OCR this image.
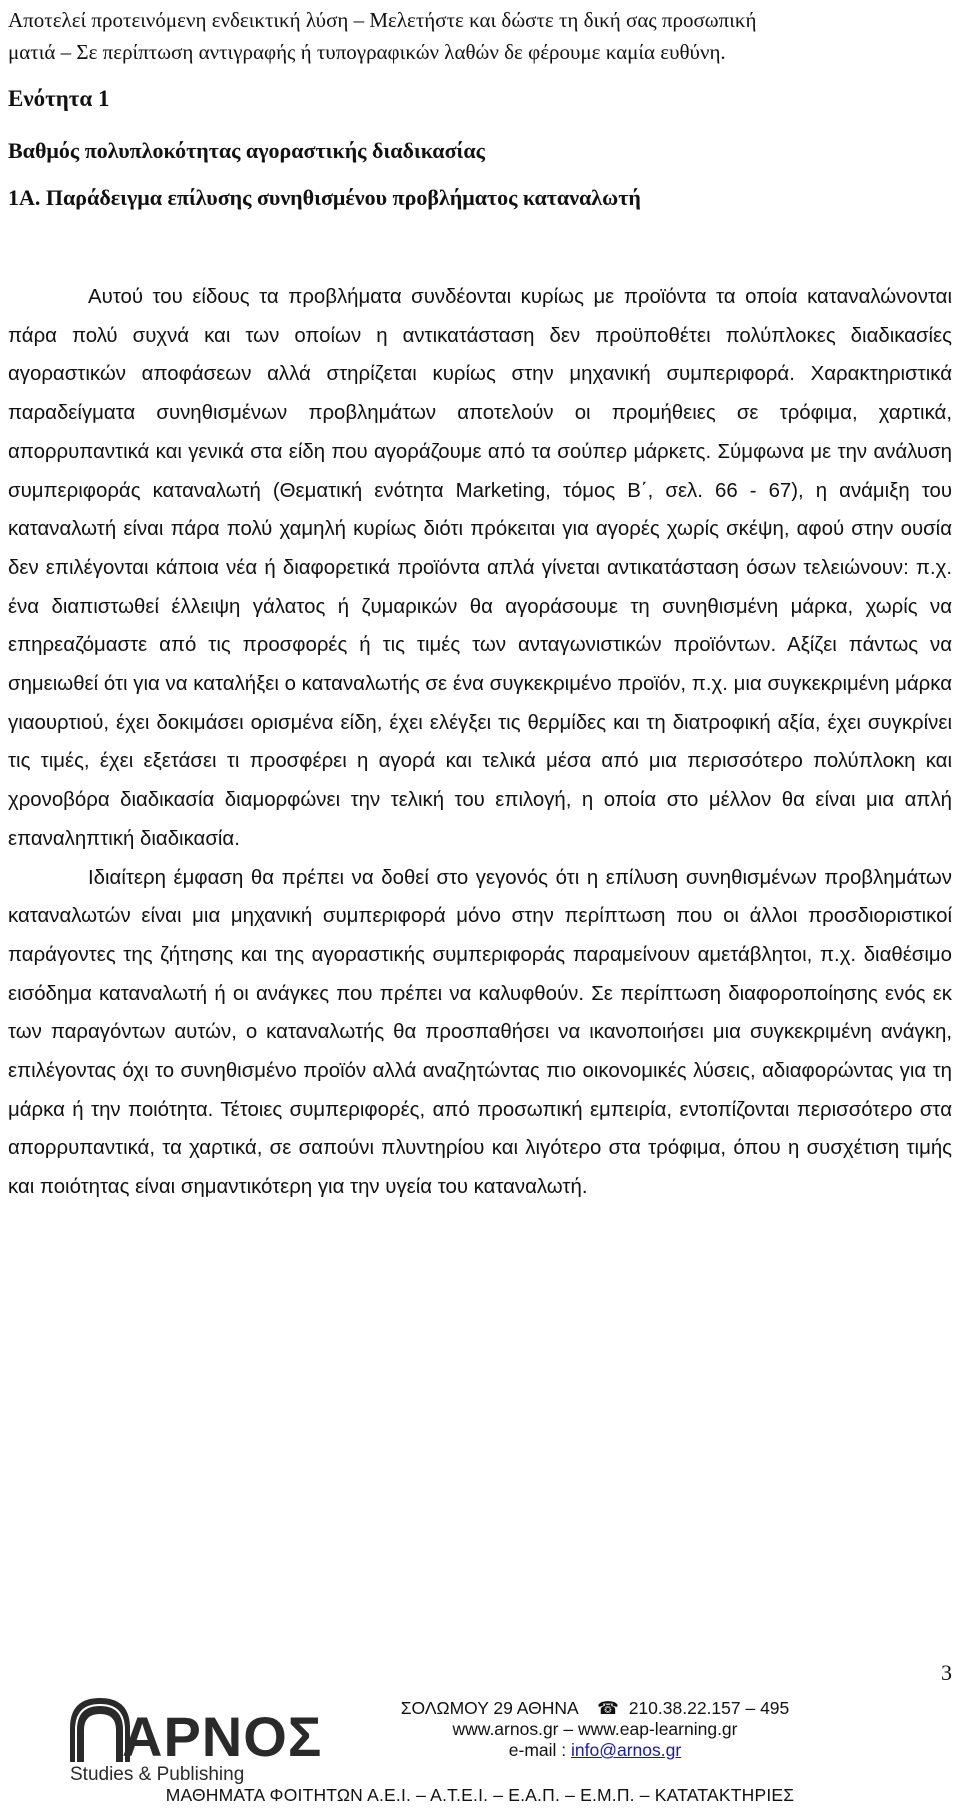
Αποτελεί προτεινόμενη ενδεικτική λύση – Μελετήστε και δώστε τη δική σας προσωπική
ματιά – Σε περίπτωση αντιγραφής ή τυπογραφικών λαθών δε φέρουμε καμία ευθύνη.
Ενότητα 1
Βαθμός πολυπλοκότητας αγοραστικής διαδικασίας
1Α. Παράδειγμα επίλυσης συνηθισμένου προβλήματος καταναλωτή

Αυτού του είδους τα προβλήματα συνδέονται κυρίως με προϊόντα τα οποία καταναλώνονται πάρα πολύ συχνά και των οποίων η αντικατάσταση δεν προϋποθέτει πολύπλοκες διαδικασίες αγοραστικών αποφάσεων αλλά στηρίζεται κυρίως στην μηχανική συμπεριφορά. Χαρακτηριστικά παραδείγματα συνηθισμένων προβλημάτων αποτελούν οι προμήθειες σε τρόφιμα, χαρτικά, απορρυπαντικά και γενικά στα είδη που αγοράζουμε από τα σούπερ μάρκετς. Σύμφωνα με την ανάλυση συμπεριφοράς καταναλωτή (Θεματική ενότητα Marketing, τόμος Β΄, σελ. 66 - 67), η ανάμιξη του καταναλωτή είναι πάρα πολύ χαμηλή κυρίως διότι πρόκειται για αγορές χωρίς σκέψη, αφού στην ουσία δεν επιλέγονται κάποια νέα ή διαφορετικά προϊόντα απλά γίνεται αντικατάσταση όσων τελειώνουν: π.χ. ένα διαπιστωθεί έλλειψη γάλατος ή ζυμαρικών θα αγοράσουμε τη συνηθισμένη μάρκα, χωρίς να επηρεαζόμαστε από τις προσφορές ή τις τιμές των ανταγωνιστικών προϊόντων. Αξίζει πάντως να σημειωθεί ότι για να καταλήξει ο καταναλωτής σε ένα συγκεκριμένο προϊόν, π.χ. μια συγκεκριμένη μάρκα γιαουρτιού, έχει δοκιμάσει ορισμένα είδη, έχει ελέγξει τις θερμίδες και τη διατροφική αξία, έχει συγκρίνει τις τιμές, έχει εξετάσει τι προσφέρει η αγορά και τελικά μέσα από μια περισσότερο πολύπλοκη και χρονοβόρα διαδικασία διαμορφώνει την τελική του επιλογή, η οποία στο μέλλον θα είναι μια απλή επαναληπτική διαδικασία.

Ιδιαίτερη έμφαση θα πρέπει να δοθεί στο γεγονός ότι η επίλυση συνηθισμένων προβλημάτων καταναλωτών είναι μια μηχανική συμπεριφορά μόνο στην περίπτωση που οι άλλοι προσδιοριστικοί παράγοντες της ζήτησης και της αγοραστικής συμπεριφοράς παραμείνουν αμετάβλητοι, π.χ. διαθέσιμο εισόδημα καταναλωτή ή οι ανάγκες που πρέπει να καλυφθούν. Σε περίπτωση διαφοροποίησης ενός εκ των παραγόντων αυτών, ο καταναλωτής θα προσπαθήσει να ικανοποιήσει μια συγκεκριμένη ανάγκη, επιλέγοντας όχι το συνηθισμένο προϊόν αλλά αναζητώντας πιο οικονομικές λύσεις, αδιαφορώντας για τη μάρκα ή την ποιότητα. Τέτοιες συμπεριφορές, από προσωπική εμπειρία, εντοπίζονται περισσότερο στα απορρυπαντικά, τα χαρτικά, σε σαπούνι πλυντηρίου και λιγότερο στα τρόφιμα, όπου η συσχέτιση τιμής και ποιότητας είναι σημαντικότερη για την υγεία του καταναλωτή.

3
ΑΡΝΟΣ
Studies & Publishing
ΣΟΛΩΜΟΥ 29 ΑΘΗΝΑ    ☎  210.38.22.157 – 495
www.arnos.gr – www.eap-learning.gr
e-mail : info@arnos.gr
ΜΑΘΗΜΑΤΑ ΦΟΙΤΗΤΩΝ Α.Ε.Ι. – Α.Τ.Ε.Ι. – Ε.Α.Π. – Ε.Μ.Π. – ΚΑΤΑΤΑΚΤΗΡΙΕΣ
